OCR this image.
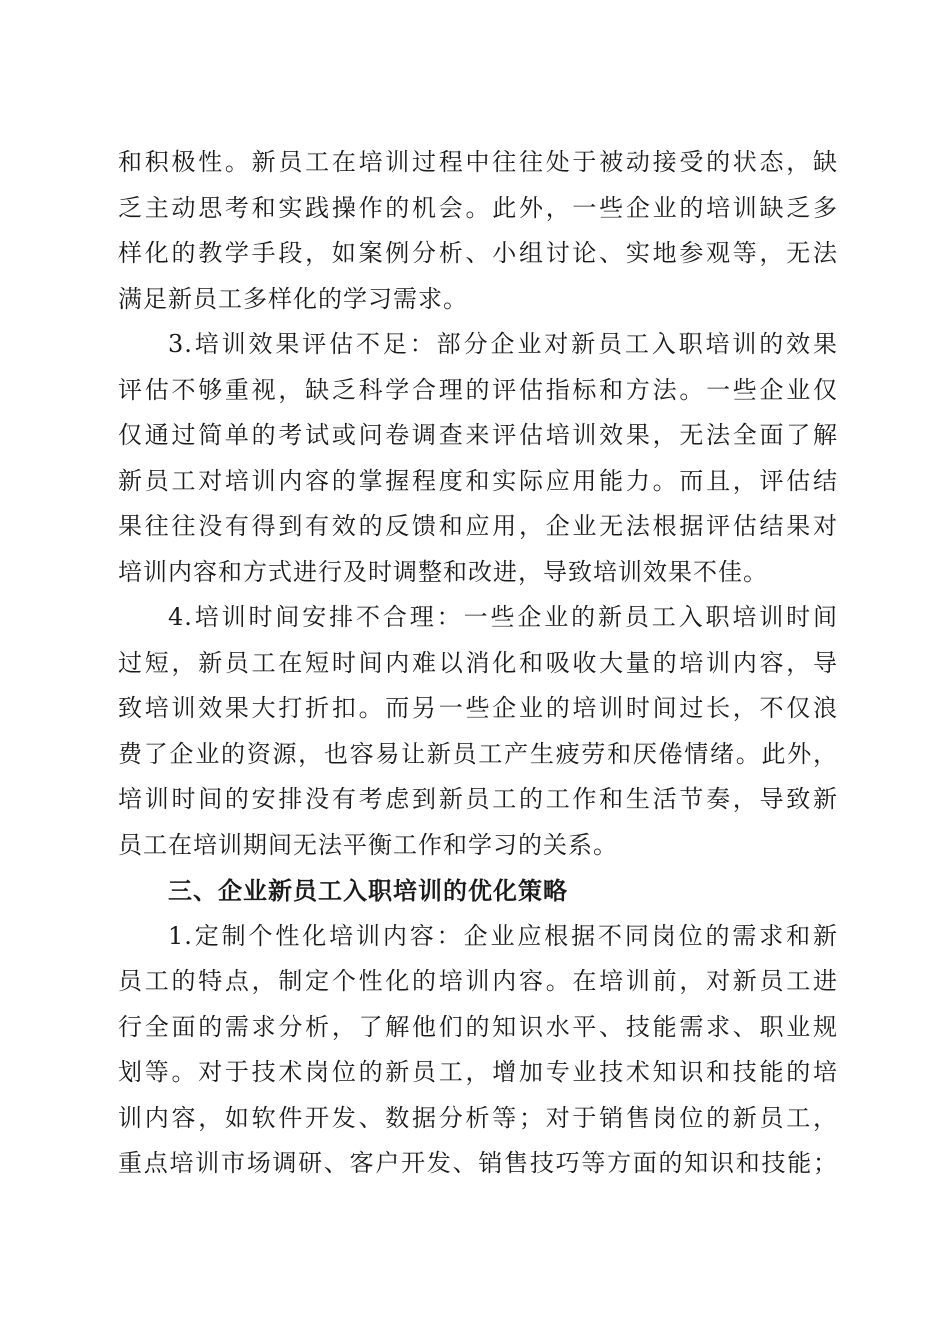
和积极性。新员工在培训过程中往往处于被动接受的状态，缺
乏主动思考和实践操作的机会。此外，一些企业的培训缺乏多
样化的教学手段，如案例分析、小组讨论、实地参观等，无法
满足新员工多样化的学习需求。
3.培训效果评估不足：部分企业对新员工入职培训的效果
评估不够重视，缺乏科学合理的评估指标和方法。一些企业仅
仅通过简单的考试或问卷调查来评估培训效果，无法全面了解
新员工对培训内容的掌握程度和实际应用能力。而且，评估结
果往往没有得到有效的反馈和应用，企业无法根据评估结果对
培训内容和方式进行及时调整和改进，导致培训效果不佳。
4.培训时间安排不合理：一些企业的新员工入职培训时间
过短，新员工在短时间内难以消化和吸收大量的培训内容，导
致培训效果大打折扣。而另一些企业的培训时间过长，不仅浪
费了企业的资源，也容易让新员工产生疲劳和厌倦情绪。此外，
培训时间的安排没有考虑到新员工的工作和生活节奏，导致新
员工在培训期间无法平衡工作和学习的关系。
三、企业新员工入职培训的优化策略
1.定制个性化培训内容：企业应根据不同岗位的需求和新
员工的特点，制定个性化的培训内容。在培训前，对新员工进
行全面的需求分析，了解他们的知识水平、技能需求、职业规
划等。对于技术岗位的新员工，增加专业技术知识和技能的培
训内容，如软件开发、数据分析等；对于销售岗位的新员工，
重点培训市场调研、客户开发、销售技巧等方面的知识和技能；
